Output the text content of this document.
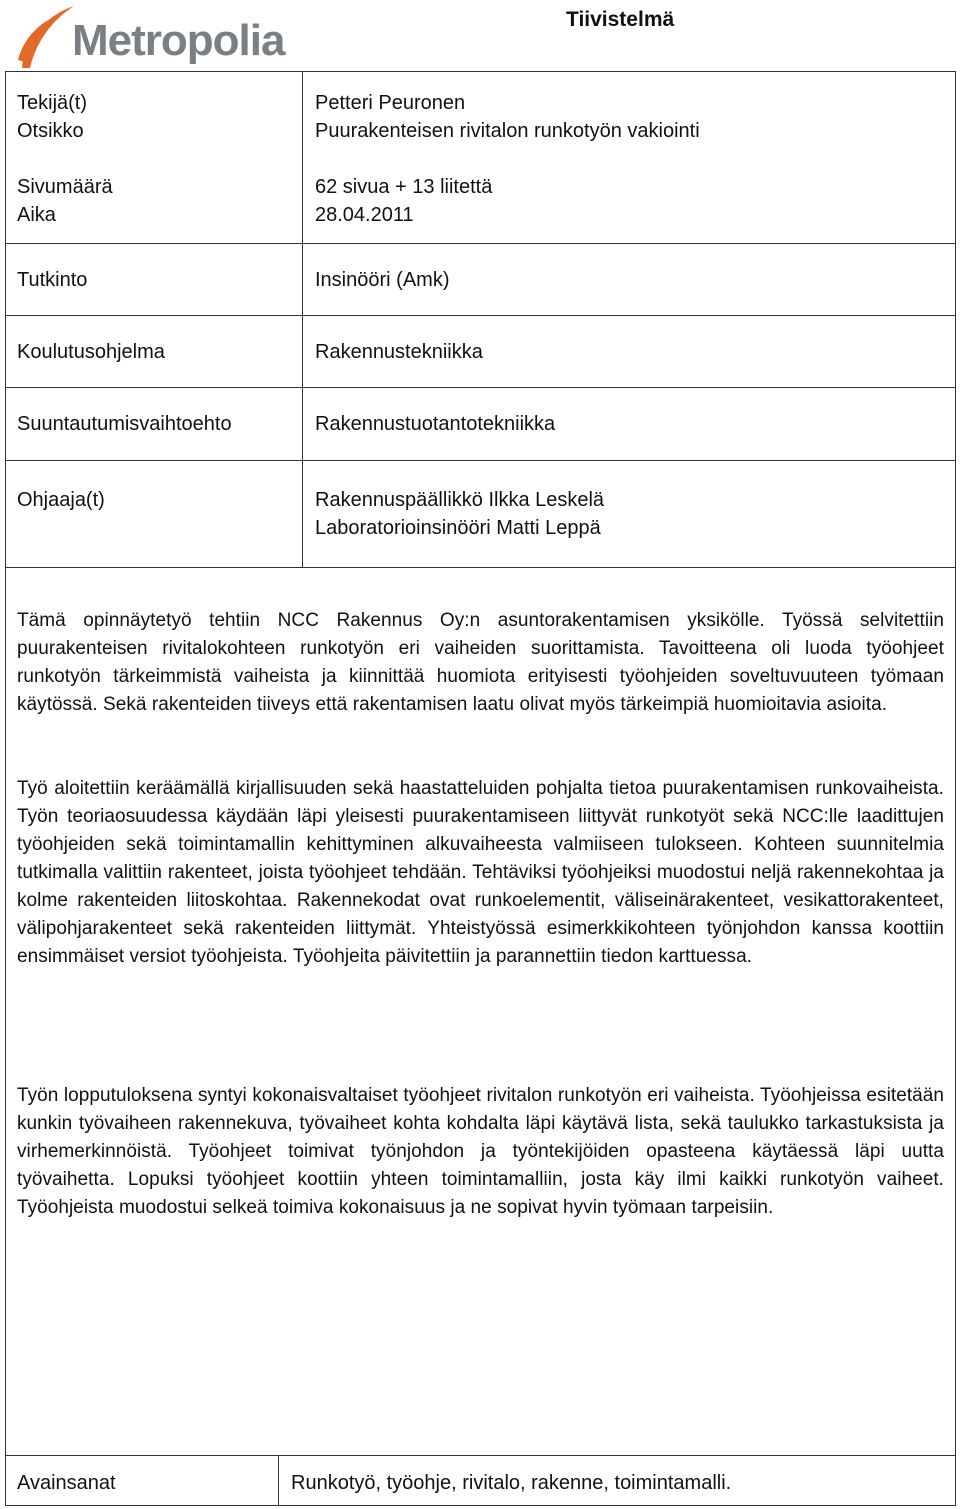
Metropolia	Tiivistelmä
Tekijä(t)	Petteri Peuronen
Otsikko	Puurakenteisen rivitalon runkotyön vakiointi
Sivumäärä	62 sivua + 13 liitettä
Aika	28.04.2011
Tutkinto	Insinööri (Amk)
Koulutusohjelma	Rakennustekniikka
Suuntautumisvaihtoehto	Rakennustuotantotekniikka
Ohjaaja(t)	Rakennuspäällikkö Ilkka Leskelä
Laboratorioinsinööri Matti Leppä

Tämä opinnäytetyö tehtiin NCC Rakennus Oy:n asuntorakentamisen yksikölle. Työssä selvitettiin puurakenteisen rivitalokohteen runkotyön eri vaiheiden suorittamista. Tavoitteena oli luoda työohjeet runkotyön tärkeimmistä vaiheista ja kiinnittää huomiota erityisesti työohjeiden soveltuvuuteen työmaan käytössä. Sekä rakenteiden tiiveys että rakentamisen laatu olivat myös tärkeimpiä huomioitavia asioita.

Työ aloitettiin keräämällä kirjallisuuden sekä haastatteluiden pohjalta tietoa puurakentamisen runkovaiheista. Työn teoriaosuudessa käydään läpi yleisesti puurakentamiseen liittyvät runkotyöt sekä NCC:lle laadittujen työohjeiden sekä toimintamallin kehittyminen alkuvaiheesta valmiiseen tulokseen. Kohteen suunnitelmia tutkimalla valittiin rakenteet, joista työohjeet tehdään. Tehtäviksi työohjeiksi muodostui neljä rakennekohtaa ja kolme rakenteiden liitoskohtaa. Rakennekodat ovat runkoelementit, väliseinärakenteet, vesikattorakenteet, välipohjarakenteet sekä rakenteiden liittymät. Yhteistyössä esimerkkikohteen työnjohdon kanssa koottiin ensimmäiset versiot työohjeista. Työohjeita päivitettiin ja parannettiin tiedon karttuessa.

Työn lopputuloksena syntyi kokonaisvaltaiset työohjeet rivitalon runkotyön eri vaiheista. Työohjeissa esitetään kunkin työvaiheen rakennekuva, työvaiheet kohta kohdalta läpi käytävä lista, sekä taulukko tarkastuksista ja virhemerkinnöistä. Työohjeet toimivat työnjohdon ja työntekijöiden opasteena käytäessä läpi uutta työvaihetta. Lopuksi työohjeet koottiin yhteen toimintamalliin, josta käy ilmi kaikki runkotyön vaiheet. Työohjeista muodostui selkeä toimiva kokonaisuus ja ne sopivat hyvin työmaan tarpeisiin.

Avainsanat	Runkotyö, työohje, rivitalo, rakenne, toimintamalli.
